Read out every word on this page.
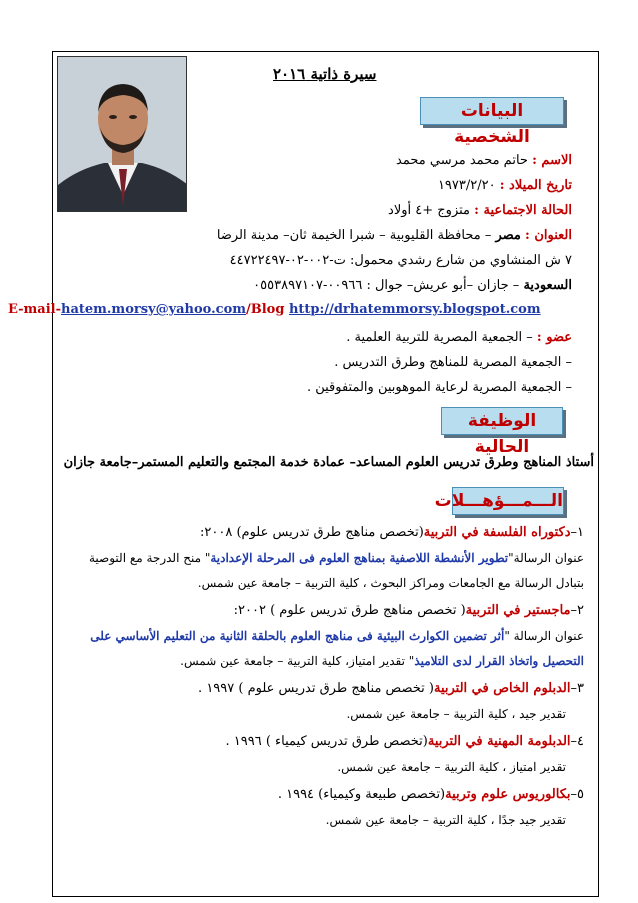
سيرة ذاتية ٢٠١٦
البيانات الشخصية
الاسم : حاتم محمد مرسي محمد
تاريخ الميلاد : ١٩٧٣/٢/٢٠
الحالة الاجتماعية : متزوج +٤ أولاد
العنوان : مصر – محافظة القليوبية – شبرا الخيمة ثان– مدينة الرضا
٧ ش المنشاوي من شارع رشدي محمول: ت-٠٠٢-٠٢-٤٤٧٢٢٤٩٧
السعودية – جازان –أبو عريش– جوال : ٠٠٩٦٦-٠٥٥٣٨٩٧١٠٧
E-mail-hatem.morsy@yahoo.com/Blog http://drhatemmorsy.blogspot.com
عضو : – الجمعية المصرية للتربية العلمية .
– الجمعية المصرية للمناهج وطرق التدريس .
– الجمعية المصرية لرعاية الموهوبين والمتفوقين .
الوظيفة الحالية
أستاذ المناهج وطرق تدريس العلوم المساعد– عمادة خدمة المجتمع والتعليم المستمر–جامعة جازان
الـــمـــؤهـــلات
١–دكتوراه الفلسفة في التربية(تخصص مناهج طرق تدريس علوم) ٢٠٠٨:
عنوان الرسالة"تطوير الأنشطة اللاصفية بمناهج العلوم فى المرحلة الإعدادية" منح الدرجة مع التوصية
بتبادل الرسالة مع الجامعات ومراكز البحوث ، كلية التربية – جامعة عين شمس.
٢–ماجستير في التربية( تخصص مناهج طرق تدريس علوم ) ٢٠٠٢:
عنوان الرسالة "أثر تضمين الكوارث البيئية فى مناهج العلوم بالحلقة الثانية من التعليم الأساسي على
التحصيل واتخاذ القرار لدى التلاميذ" تقدير امتياز، كلية التربية – جامعة عين شمس.
٣–الدبلوم الخاص في التربية( تخصص مناهج طرق تدريس علوم ) ١٩٩٧ .
تقدير جيد ، كلية التربية – جامعة عين شمس.
٤–الدبلومة المهنية في التربية(تخصص طرق تدريس كيمياء ) ١٩٩٦ .
تقدير امتياز ، كلية التربية – جامعة عين شمس.
٥–بكالوريوس علوم وتربية(تخصص طبيعة وكيمياء) ١٩٩٤ .
تقدير جيد جدًا ، كلية التربية – جامعة عين شمس.
